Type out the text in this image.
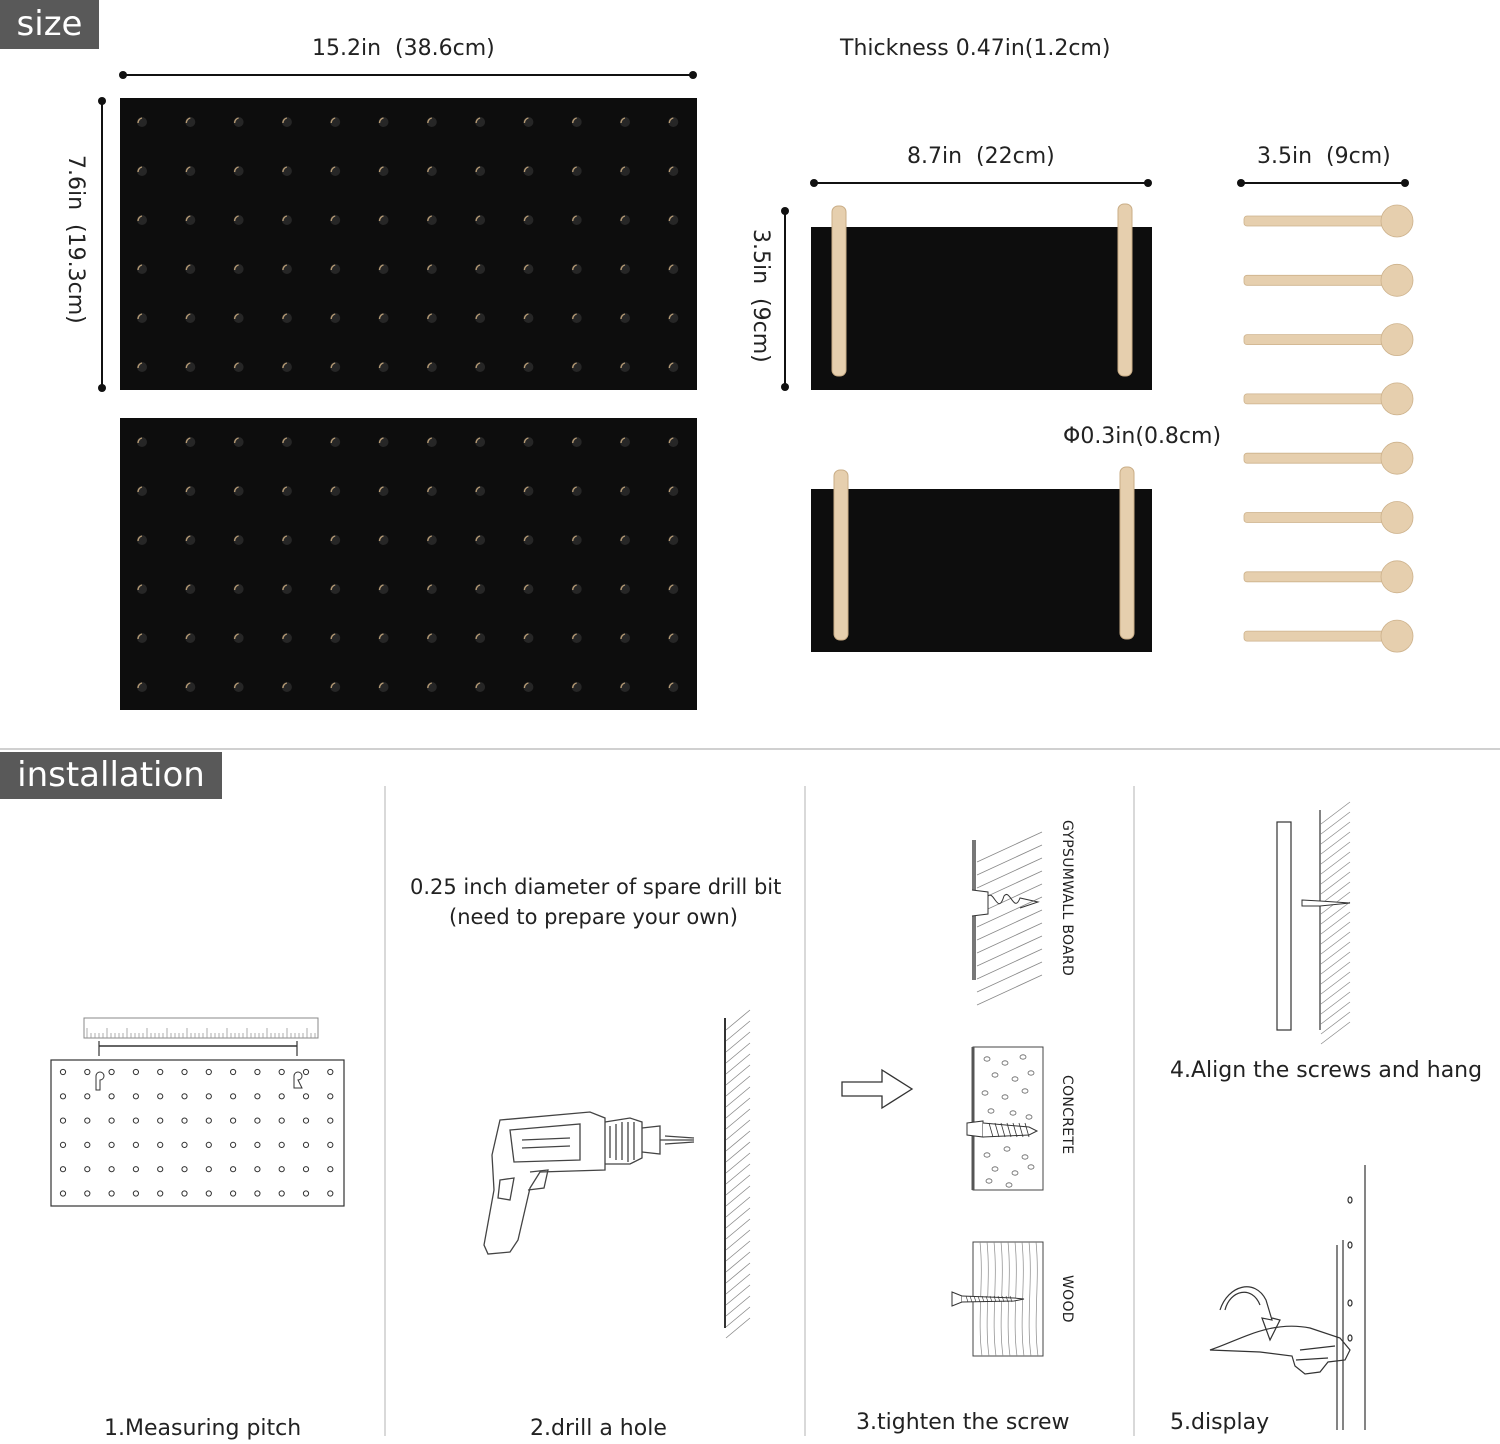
size
15.2in  (38.6cm)
7.6in  (19.3cm)
Thickness 0.47in(1.2cm)
8.7in  (22cm)
3.5in  (9cm)
Φ0.3in(0.8cm)
3.5in  (9cm)
installation
1.Measuring pitch
0.25 inch diameter of spare drill bit
(need to prepare your own)
2.drill a hole
GYPSUMWALL BOARD
CONCRETE
WOOD
3.tighten the screw
4.Align the screws and hang
5.display
